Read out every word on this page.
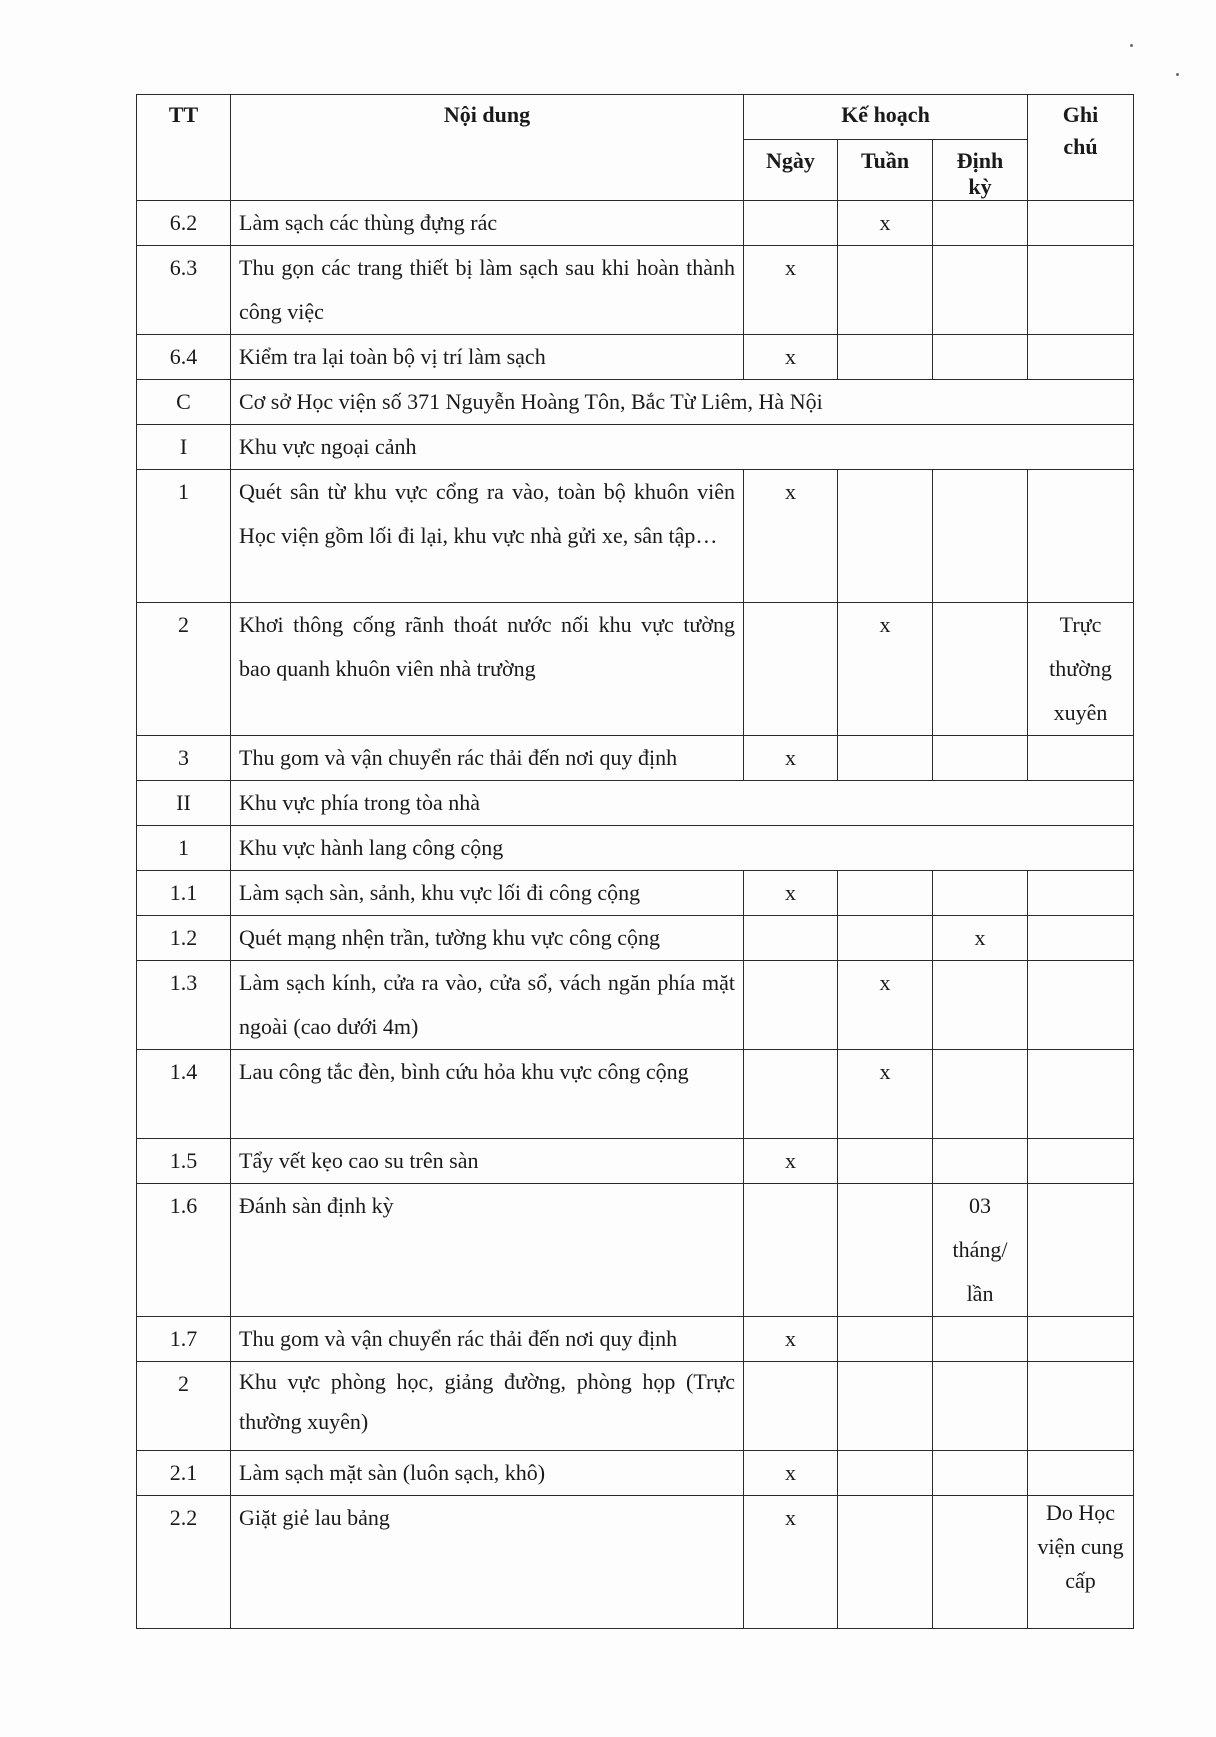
TT	Nội dung	Kế hoạch			Ghi chú
		Ngày	Tuần	Định kỳ	
6.2	Làm sạch các thùng đựng rác		x		
6.3	Thu gọn các trang thiết bị làm sạch sau khi hoàn thành công việc	x			
6.4	Kiểm tra lại toàn bộ vị trí làm sạch	x			
C	Cơ sở Học viện số 371 Nguyễn Hoàng Tôn, Bắc Từ Liêm, Hà Nội				
I	Khu vực ngoại cảnh				
1	Quét sân từ khu vực cổng ra vào, toàn bộ khuôn viên Học viện gồm lối đi lại, khu vực nhà gửi xe, sân tập…	x			
2	Khơi thông cống rãnh thoát nước nối khu vực tường bao quanh khuôn viên nhà trường		x		Trực thường xuyên
3	Thu gom và vận chuyển rác thải đến nơi quy định	x			
II	Khu vực phía trong tòa nhà				
1	Khu vực hành lang công cộng				
1.1	Làm sạch sàn, sảnh, khu vực lối đi công cộng	x			
1.2	Quét mạng nhện trần, tường khu vực công cộng			x	
1.3	Làm sạch kính, cửa ra vào, cửa sổ, vách ngăn phía mặt ngoài (cao dưới 4m)		x		
1.4	Lau công tắc đèn, bình cứu hỏa khu vực công cộng		x		
1.5	Tẩy vết kẹo cao su trên sàn	x			
1.6	Đánh sàn định kỳ			03 tháng/ lần	
1.7	Thu gom và vận chuyển rác thải đến nơi quy định	x			
2	Khu vực phòng học, giảng đường, phòng họp (Trực thường xuyên)				
2.1	Làm sạch mặt sàn (luôn sạch, khô)	x			
2.2	Giặt giẻ lau bảng	x			Do Học viện cung cấp
